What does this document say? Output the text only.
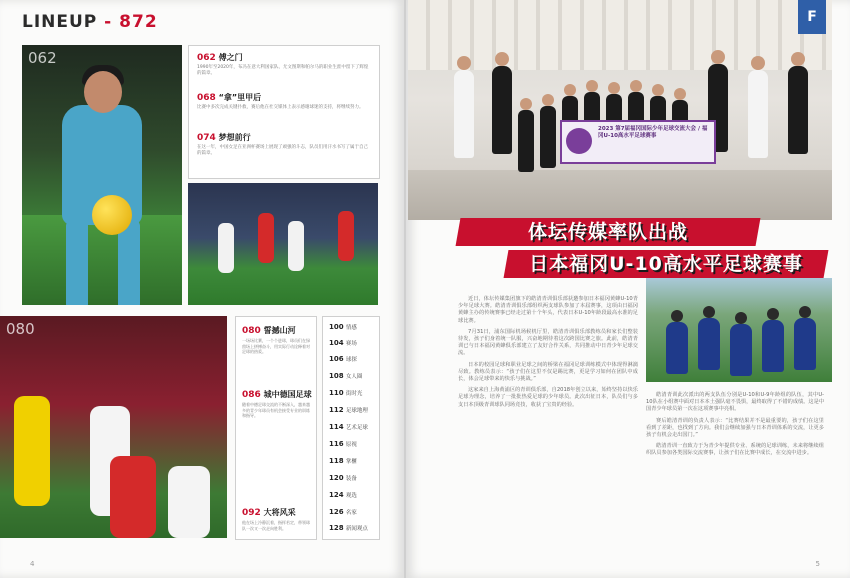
LINEUP - 872
062	062 傅之门
1990年至2020年，布冯在意大利国家队、尤文图斯和帕尔马的职业生涯中留下了辉煌的篇章。
068 “拿”里甲后
比赛中多次完成关键扑救，赛后他在社交媒体上表示感谢球迷的支持，将继续努力。
074 梦想前行
在这一年，中国女足在亚洲杯赛场上展现了顽强的斗志，队员们用汗水书写了属于自己的篇章。
080	080 誓撼山河
一场场比赛，一个个进球，球员们在绿茵场上拼搏奋斗，用实际行动诠释着对足球的热爱。
086 城中德国足球
随着中德足球交流的不断深入，越来越多的青少年球员有机会接受专业的训练和指导。
092 大将风采
他在场上冷静沉着，指挥若定，带领球队一次又一次走向胜利。
100 情感
104 赛场
106 球探
108 女人圈
110 街时光
112 足球地理
114 艺术足球
116 原视
118 掌櫃
120 装备
124 观选
126 名家
128 新闻观点
4
2023 第7届福冈国际少年足球交流大会 / 福冈U-10高水平足球赛事
F
体坛传媒率队出战
日本福冈U-10高水平足球赛事

近日，体坛传媒集团旗下的皓清青训俱乐部获邀参加日本福冈黄蜂U-10青少年足球大赛。皓清青训俱乐部组织两支球队参加了本届赛事，这项由日福冈黄蜂主办的传统赛事已经走过第十个年头，代表日本U-10年龄段最高水准的足球比赛。

7月31日，浦东国际机场候机厅里，皓清青训俱乐部教练员和家长们整装待发，孩子们身着统一队服，兴奋地期待着这次跨国比赛之旅。此前，皓清青训已与日本福冈黄蜂俱乐部建立了友好合作关系，共同推动中日青少年足球交流。

日本的校园足球和职业足球之间的桥梁在福冈足球训练模式中体现得淋漓尽致。教练员表示：“孩子们在这里不仅是踢比赛，更是学习如何在团队中成长，体会足球带来的快乐与挑战。”

这家来自上海黄浦区的青训俱乐部，自2018年创立以来，始终坚持以快乐足球为理念，培养了一批批热爱足球的少年球员。此次出征日本，队员们与多支日本顶级青训球队同场竞技，收获了宝贵的经验。

皓清青训此次派出的两支队伍分别是U-10和U-9年龄组的队伍，其中U-10队在小组赛中面对日本本土强队毫不畏惧，最终取得了不错的成绩。这是中国青少年球员第一次在这项赛事中亮相。

赛后皓清青训的负责人表示：“比赛结果并不是最重要的，孩子们在这里看到了差距，也找到了方向。我们会继续加强与日本青训体系的交流，让更多孩子有机会走出国门。”

皓清青训一直致力于为青少年提供专业、系统的足球训练，未来将继续组织队员参加各类国际交流赛事，让孩子们在比赛中成长，在交流中进步。

5
